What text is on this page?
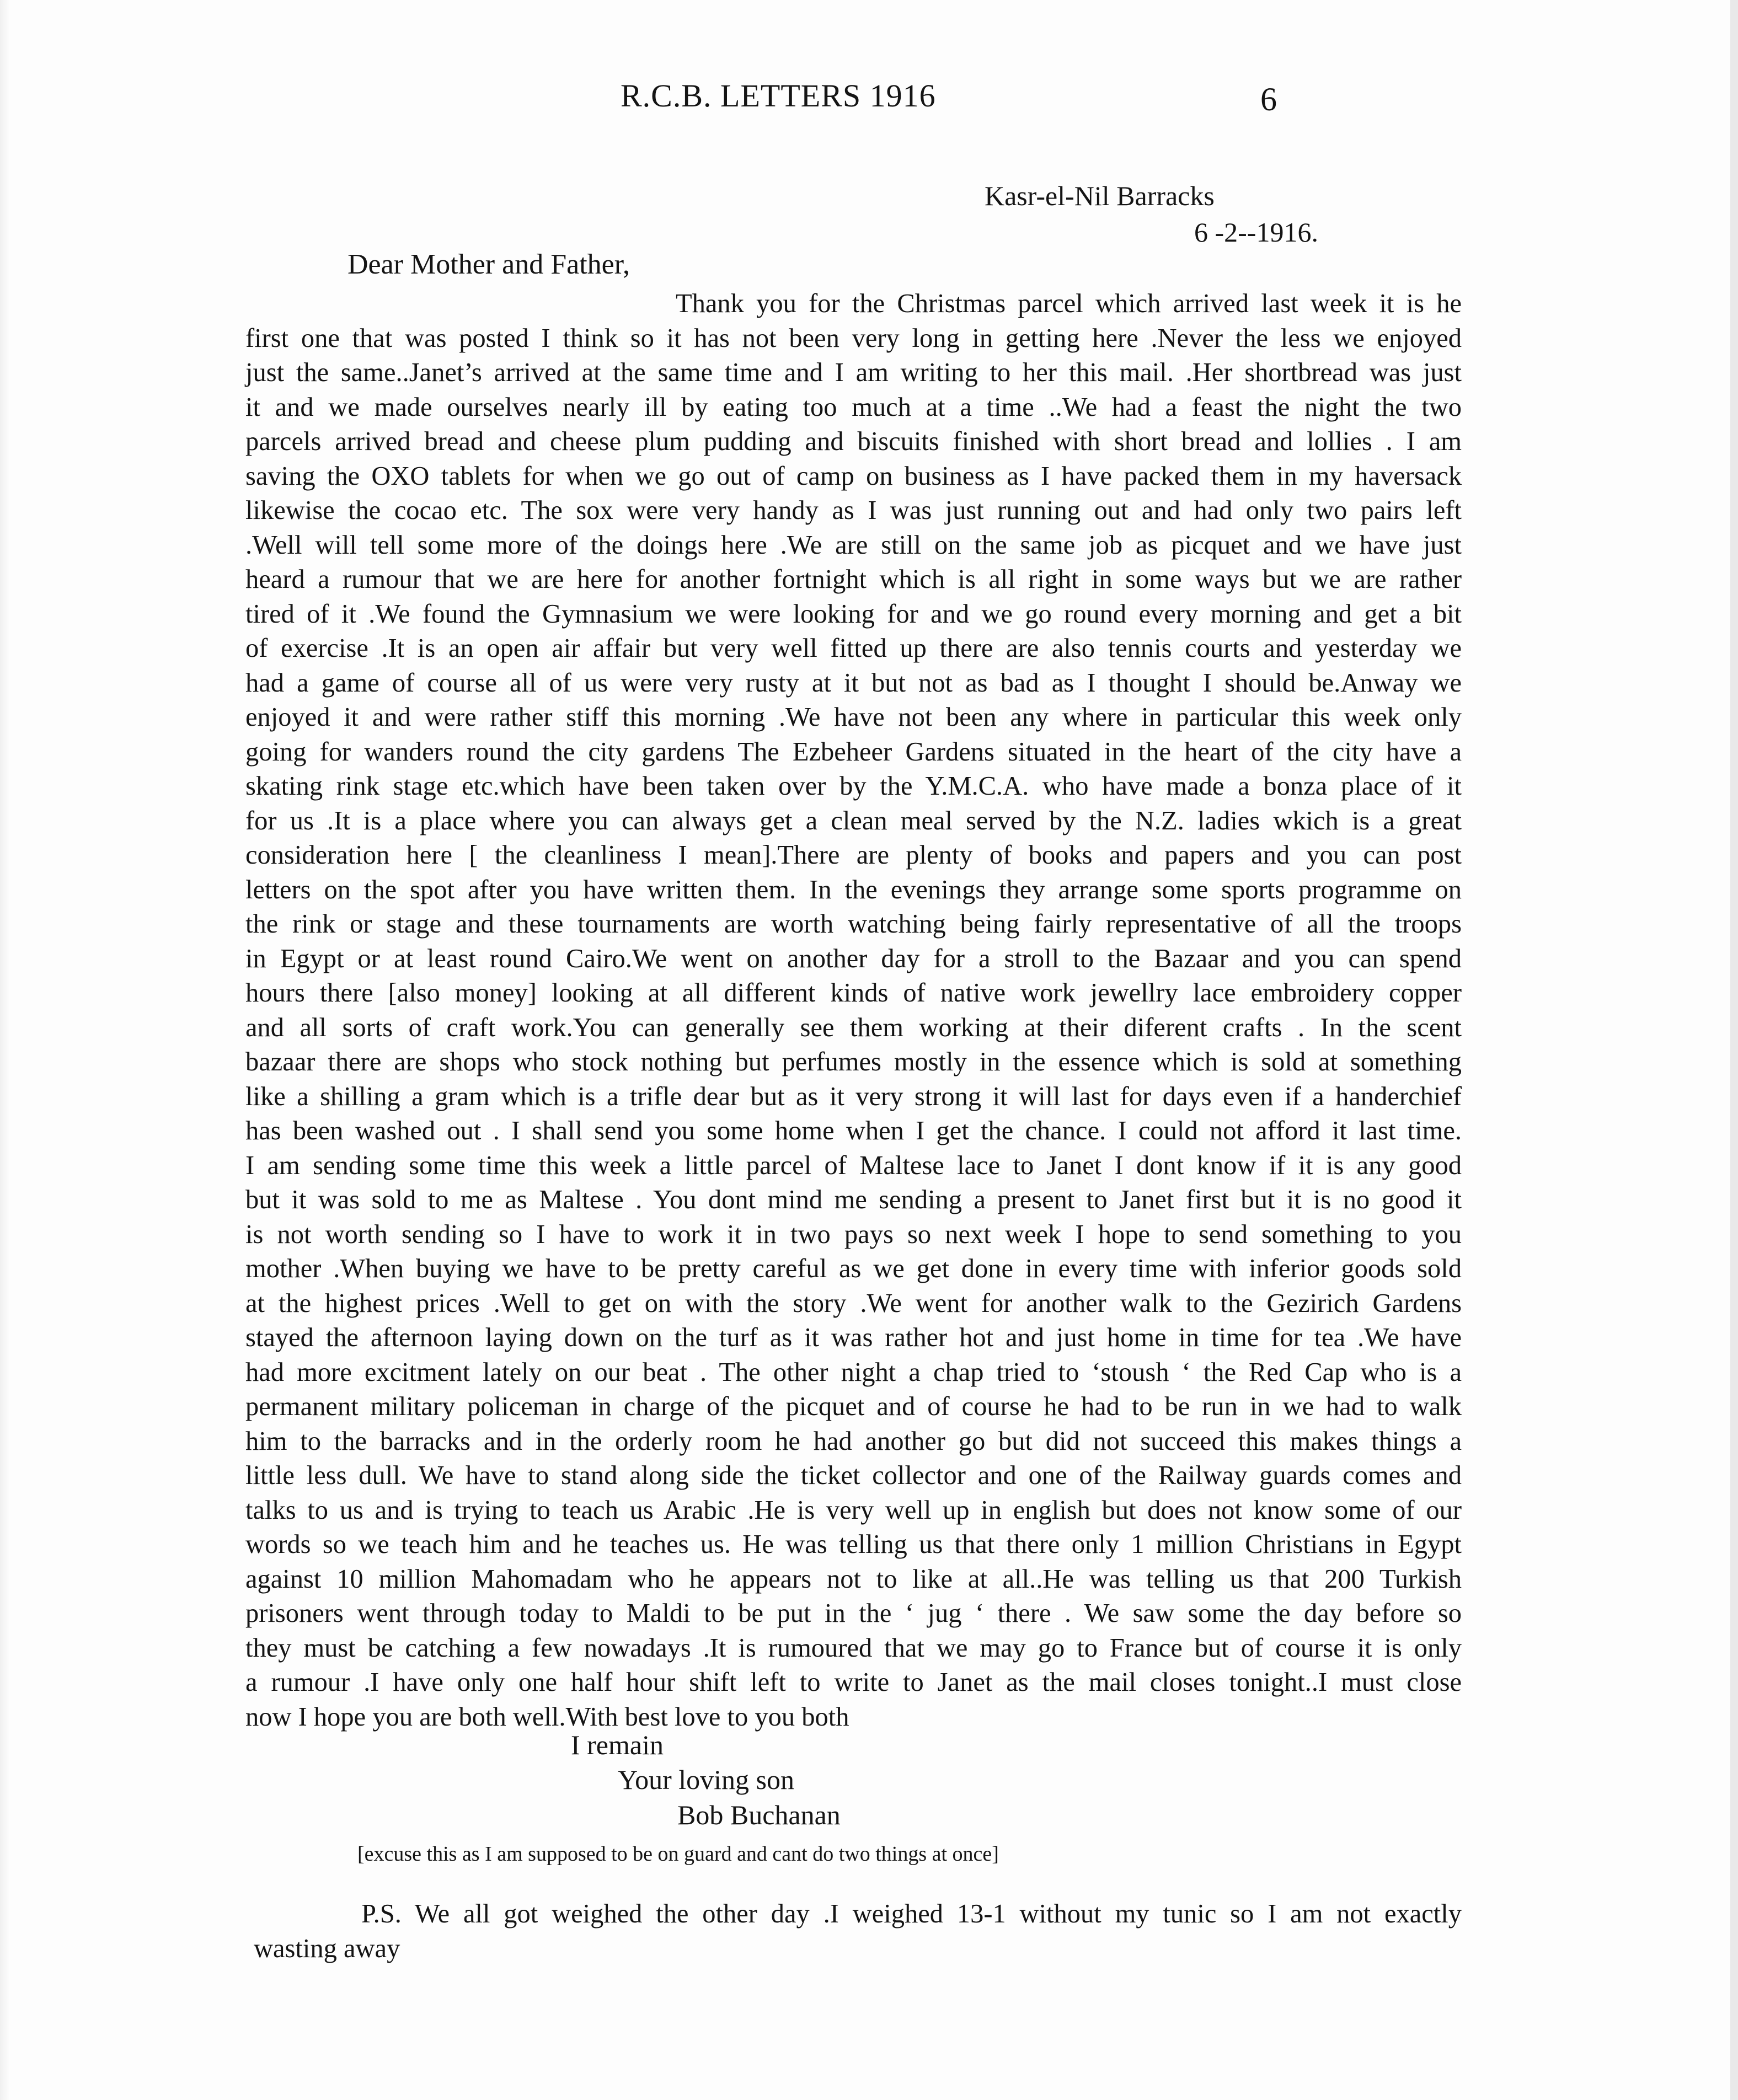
R.C.B. LETTERS 1916	6
Kasr-el-Nil Barracks
6 -2--1916.
Dear Mother and Father,
Thank you for the Christmas parcel which arrived last week it is he
first one that was posted I think so it has not been very long in getting here .Never the less we enjoyed
just the same..Janet’s arrived at the same time and I am writing to her this mail. .Her shortbread was just
it and we made ourselves nearly ill by eating too much at a time ..We had a feast the night the two
parcels arrived bread and cheese plum pudding and biscuits finished with short bread and lollies . I am
saving the OXO tablets for when we go out of camp on business as I have packed them in my haversack
likewise the cocao etc. The sox were very handy as I was just running out and had only two pairs left
.Well will tell some more of the doings here .We are still on the same job as picquet and we have just
heard a rumour that we are here for another fortnight which is all right in some ways but we are rather
tired of it .We found the Gymnasium we were looking for and we go round every morning and get a bit
of exercise .It is an open air affair but very well fitted up there are also tennis courts and yesterday we
had a game of course all of us were very rusty at it but not as bad as I thought I should be.Anway we
enjoyed it and were rather stiff this morning .We have not been any where in particular this week only
going for wanders round the city gardens The Ezbeheer Gardens situated in the heart of the city have a
skating rink stage etc.which have been taken over by the Y.M.C.A. who have made a bonza place of it
for us .It is a place where you can always get a clean meal served by the N.Z. ladies wkich is a great
consideration here [ the cleanliness I mean].There are plenty of books and papers and you can post
letters on the spot after you have written them. In the evenings they arrange some sports programme on
the rink or stage and these tournaments are worth watching being fairly representative of all the troops
in Egypt or at least round Cairo.We went on another day for a stroll to the Bazaar and you can spend
hours there [also money] looking at all different kinds of native work jewellry lace embroidery copper
and all sorts of craft work.You can generally see them working at their diferent crafts . In the scent
bazaar there are shops who stock nothing but perfumes mostly in the essence which is sold at something
like a shilling a gram which is a trifle dear but as it very strong it will last for days even if a handerchief
has been washed out . I shall send you some home when I get the chance. I could not afford it last time.
I am sending some time this week a little parcel of Maltese lace to Janet I dont know if it is any good
but it was sold to me as Maltese . You dont mind me sending a present to Janet first but it is no good it
is not worth sending so I have to work it in two pays so next week I hope to send something to you
mother .When buying we have to be pretty careful as we get done in every time with inferior goods sold
at the highest prices .Well to get on with the story .We went for another walk to the Gezirich Gardens
stayed the afternoon laying down on the turf as it was rather hot and just home in time for tea .We have
had more excitment lately on our beat . The other night a chap tried to ‘stoush ‘ the Red Cap who is a
permanent military policeman in charge of the picquet and of course he had to be run in we had to walk
him to the barracks and in the orderly room he had another go but did not succeed this makes things a
little less dull. We have to stand along side the ticket collector and one of the Railway guards comes and
talks to us and is trying to teach us Arabic .He is very well up in english but does not know some of our
words so we teach him and he teaches us. He was telling us that there only 1 million Christians in Egypt
against 10 million Mahomadam who he appears not to like at all..He was telling us that 200 Turkish
prisoners went through today to Maldi to be put in the ‘ jug ‘ there . We saw some the day before so
they must be catching a few nowadays .It is rumoured that we may go to France but of course it is only
a rumour .I have only one half hour shift left to write to Janet as the mail closes tonight..I must close
now I hope you are both well.With best love to you both
I remain
Your loving son
Bob Buchanan
[excuse this as I am supposed to be on guard and cant do two things at once]
P.S. We all got weighed the other day .I weighed 13-1 without my tunic so I am not exactly
wasting away
